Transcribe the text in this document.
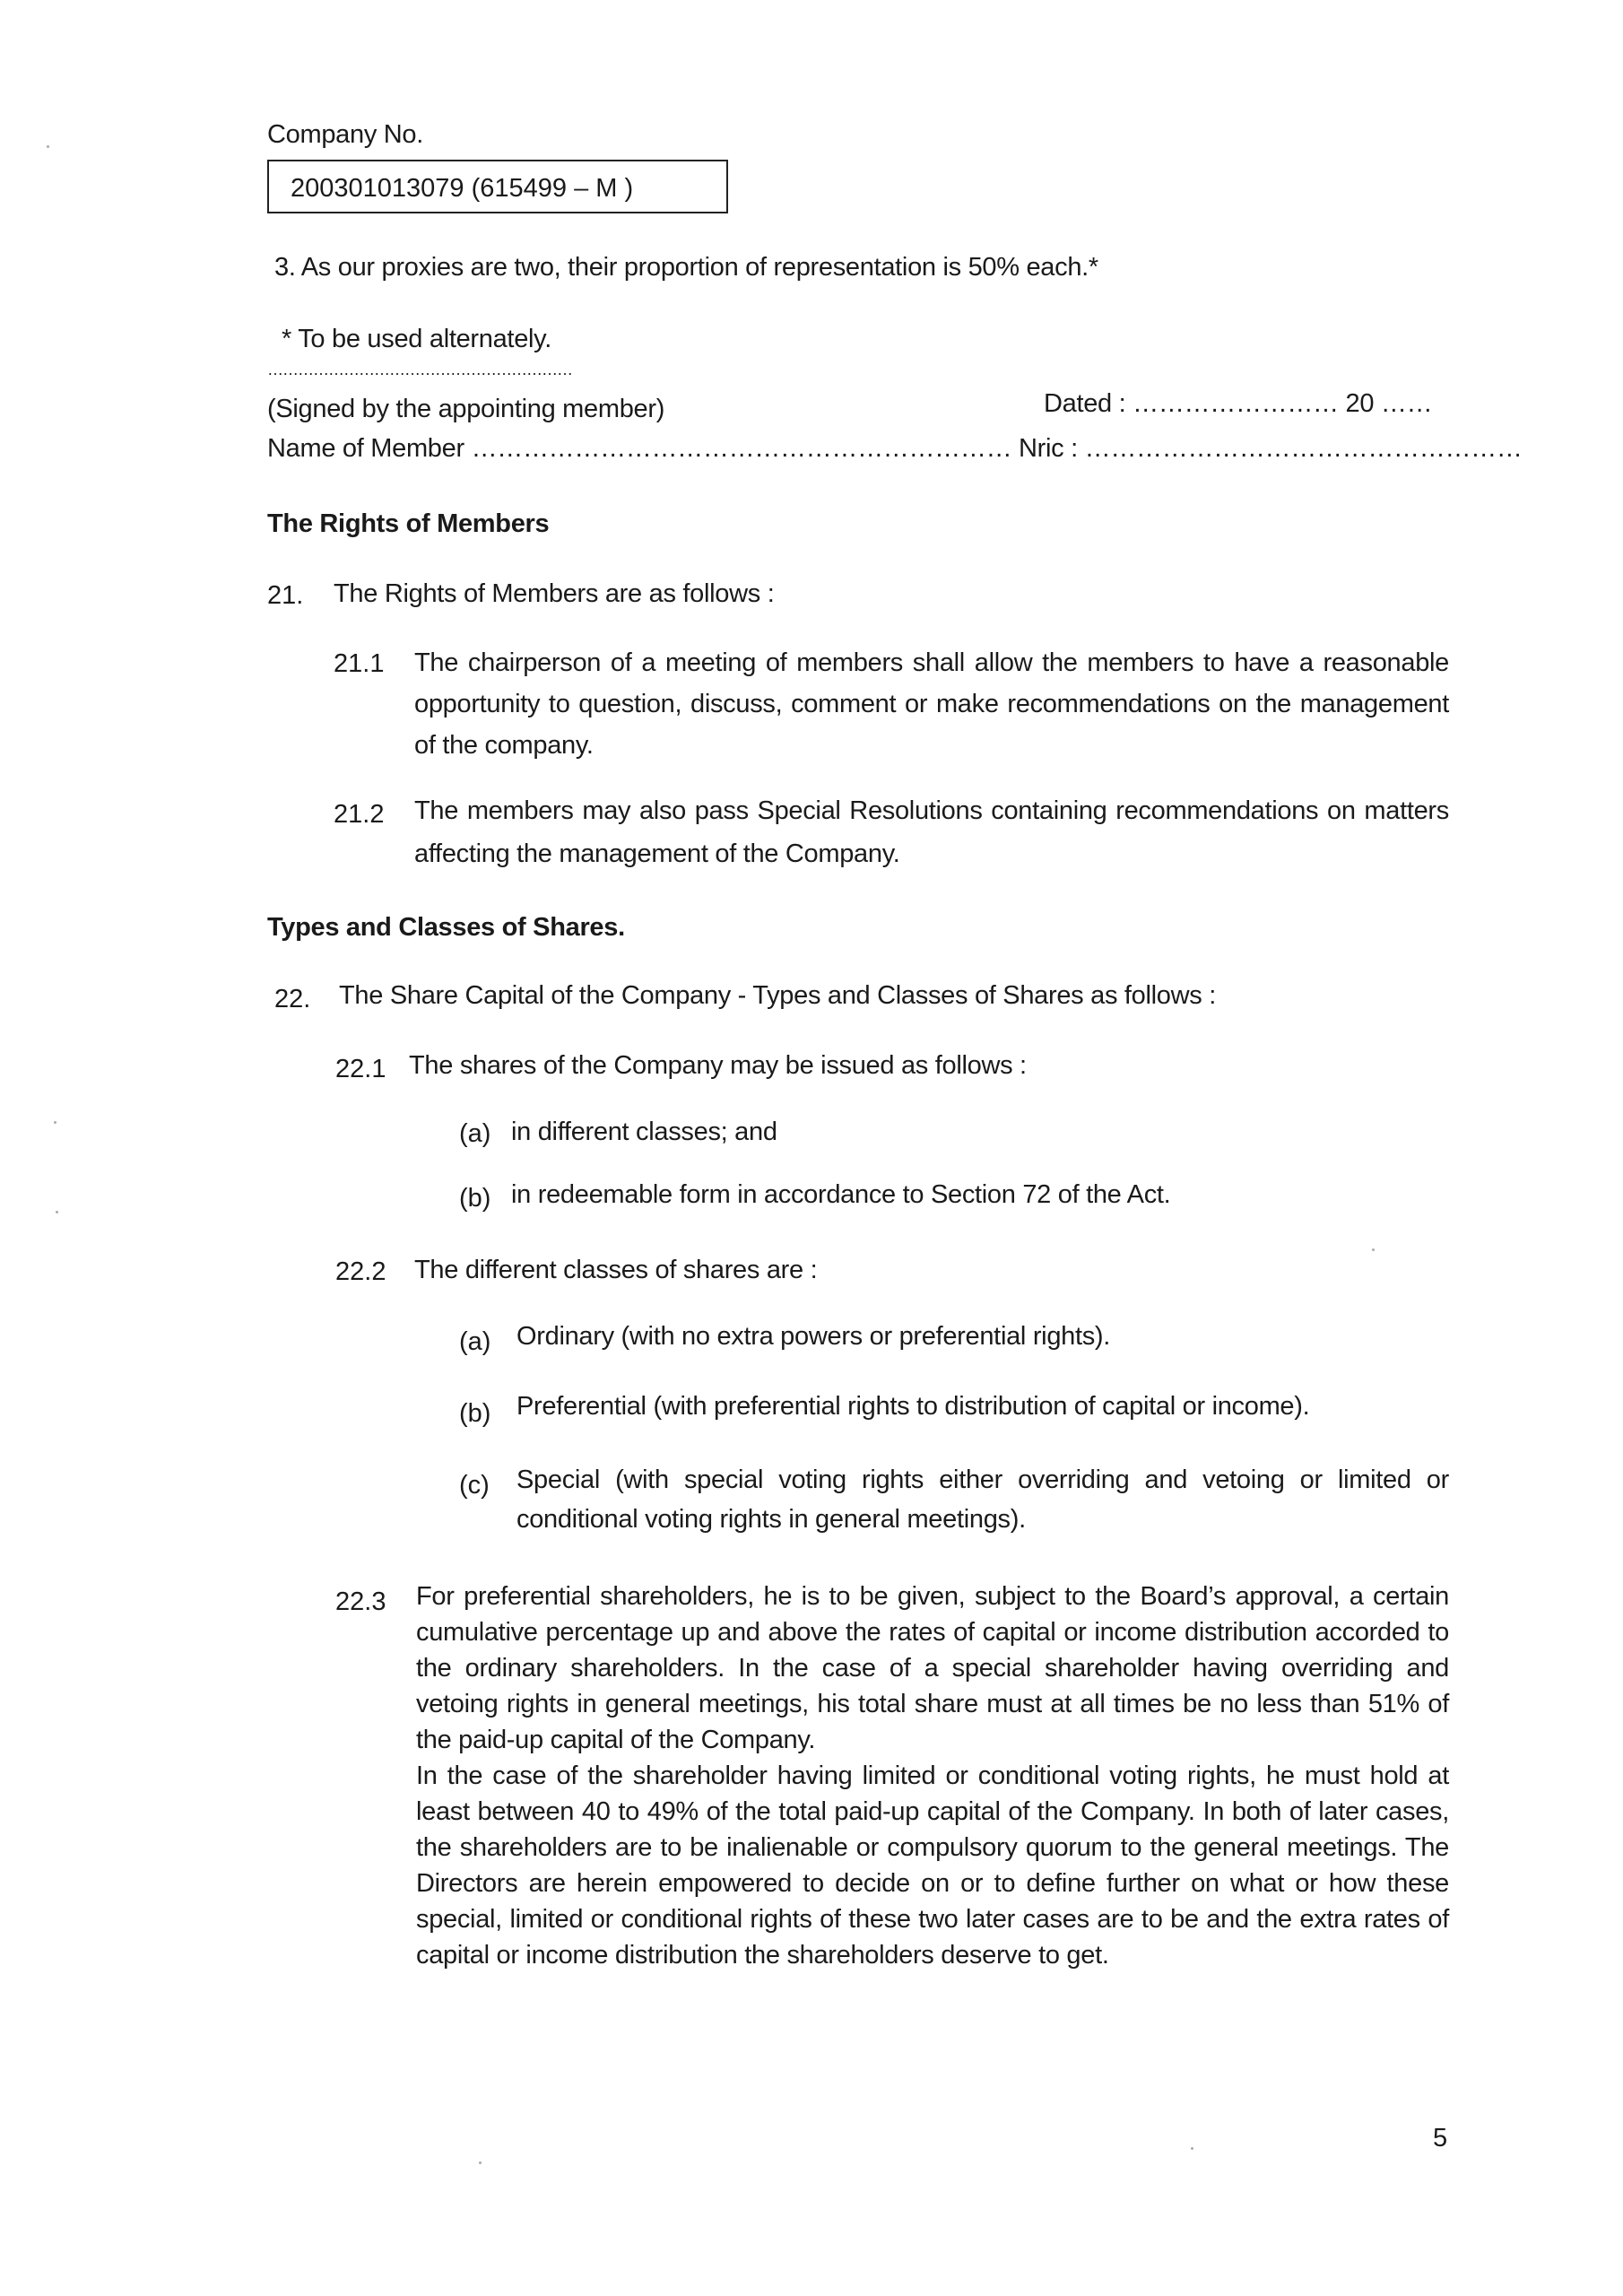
Company No.
200301013079 (615499 – M )
3. As our proxies are two, their proportion of representation is 50% each.*
* To be used alternately.
……………………………………………………
(Signed by the appointing member)	Dated : …………………… 20 ……
Name of Member ……………………………………………………… Nric : ……………………………………………
The Rights of Members
21. The Rights of Members are as follows :
21.1 The chairperson of a meeting of members shall allow the members to have a reasonable opportunity to question, discuss, comment or make recommendations on the management of the company.
21.2 The members may also pass Special Resolutions containing recommendations on matters affecting the management of the Company.
Types and Classes of Shares.
22. The Share Capital of the Company - Types and Classes of Shares as follows :
22.1 The shares of the Company may be issued as follows :
(a) in different classes; and
(b) in redeemable form in accordance to Section 72 of the Act.
22.2 The different classes of shares are :
(a) Ordinary (with no extra powers or preferential rights).
(b) Preferential (with preferential rights to distribution of capital or income).
(c) Special (with special voting rights either overriding and vetoing or limited or conditional voting rights in general meetings).
22.3 For preferential shareholders, he is to be given, subject to the Board’s approval, a certain cumulative percentage up and above the rates of capital or income distribution accorded to the ordinary shareholders. In the case of a special shareholder having overriding and vetoing rights in general meetings, his total share must at all times be no less than 51% of the paid-up capital of the Company.
In the case of the shareholder having limited or conditional voting rights, he must hold at least between 40 to 49% of the total paid-up capital of the Company. In both of later cases, the shareholders are to be inalienable or compulsory quorum to the general meetings. The Directors are herein empowered to decide on or to define further on what or how these special, limited or conditional rights of these two later cases are to be and the extra rates of capital or income distribution the shareholders deserve to get.
5
